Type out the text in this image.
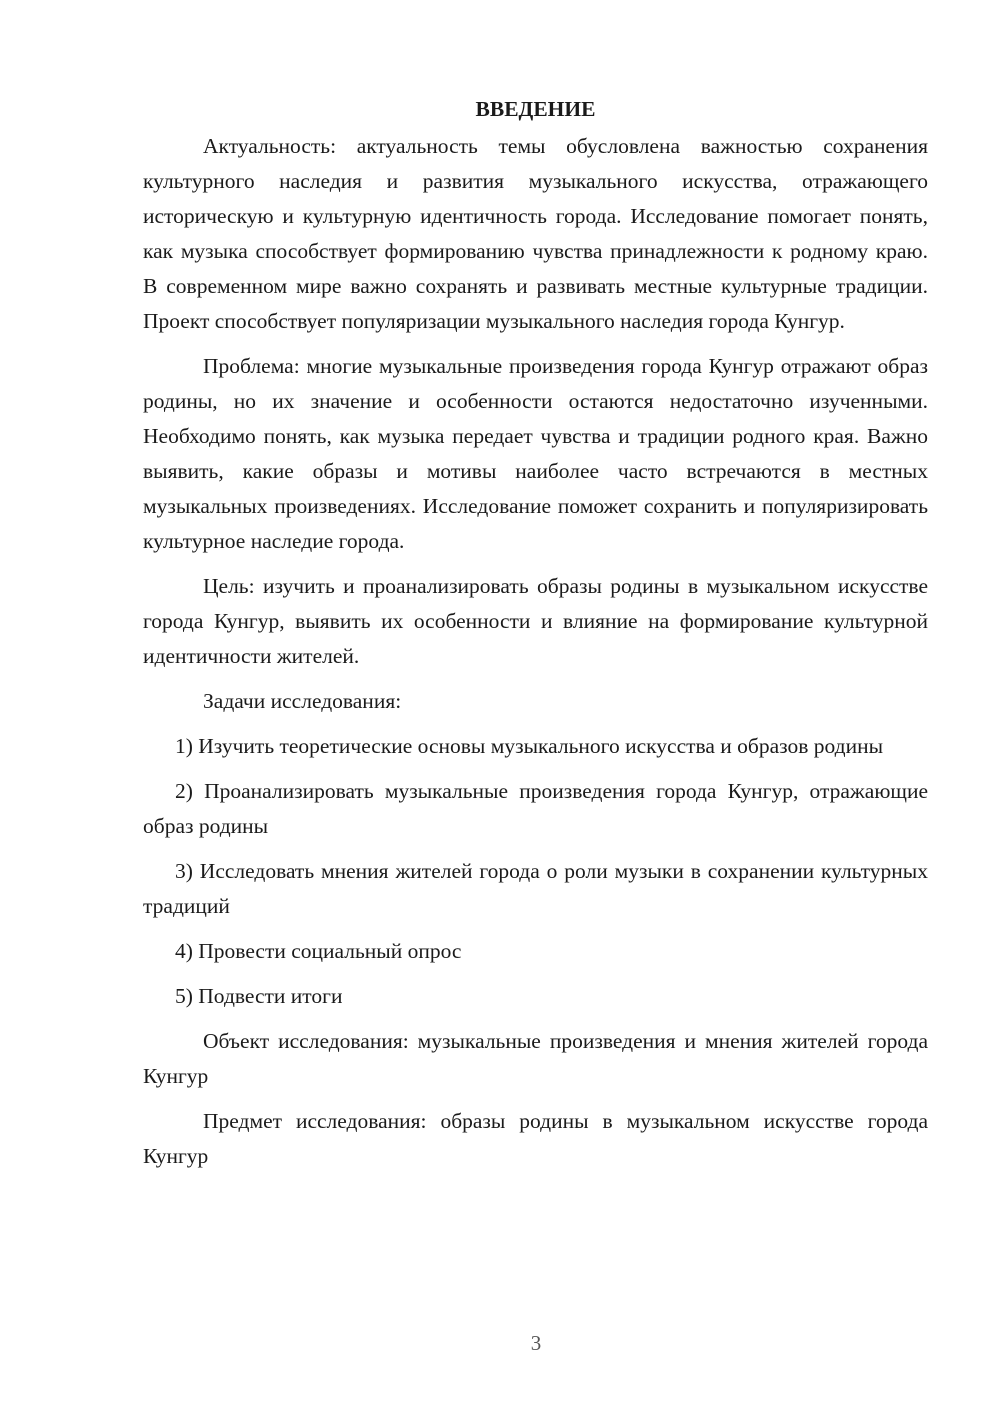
ВВЕДЕНИЕ

Актуальность: актуальность темы обусловлена важностью сохранения культурного наследия и развития музыкального искусства, отражающего историческую и культурную идентичность города. Исследование помогает понять, как музыка способствует формированию чувства принадлежности к родному краю. В современном мире важно сохранять и развивать местные культурные традиции. Проект способствует популяризации музыкального наследия города Кунгур.

Проблема: многие музыкальные произведения города Кунгур отражают образ родины, но их значение и особенности остаются недостаточно изученными. Необходимо понять, как музыка передает чувства и традиции родного края. Важно выявить, какие образы и мотивы наиболее часто встречаются в местных музыкальных произведениях. Исследование поможет сохранить и популяризировать культурное наследие города.

Цель: изучить и проанализировать образы родины в музыкальном искусстве города Кунгур, выявить их особенности и влияние на формирование культурной идентичности жителей.

Задачи исследования:

1) Изучить теоретические основы музыкального искусства и образов родины

2) Проанализировать музыкальные произведения города Кунгур, отражающие образ родины

3) Исследовать мнения жителей города о роли музыки в сохранении культурных традиций

4) Провести социальный опрос

5) Подвести итоги

Объект исследования: музыкальные произведения и мнения жителей города Кунгур

Предмет исследования: образы родины в музыкальном искусстве города Кунгур

3
